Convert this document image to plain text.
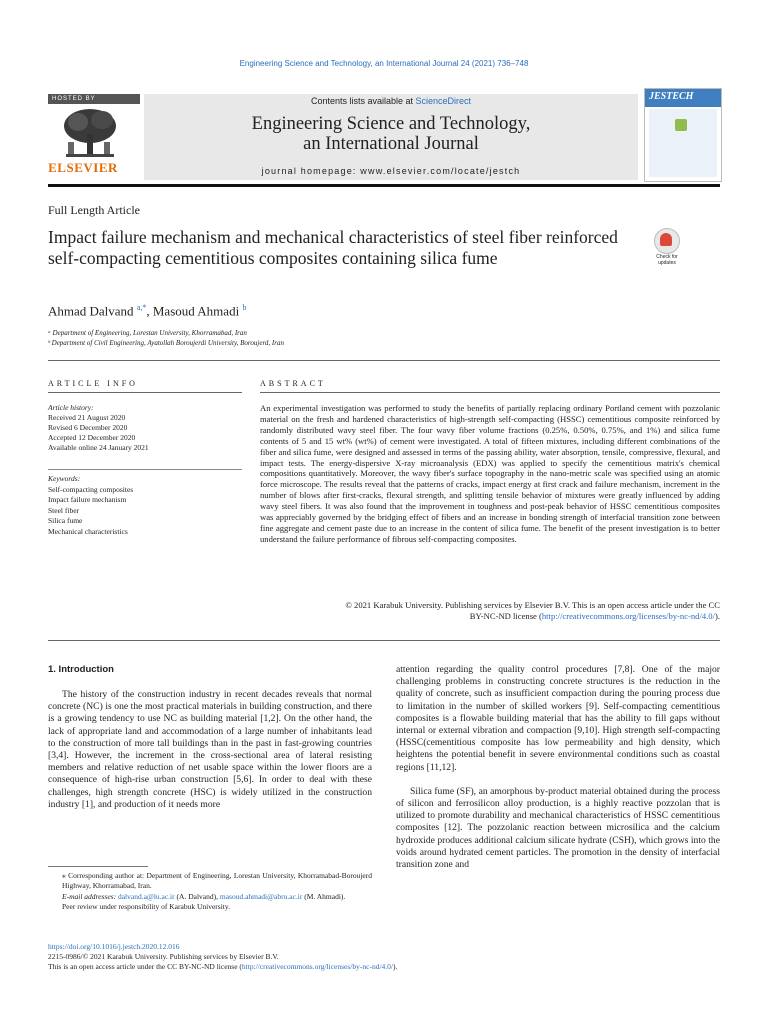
Engineering Science and Technology, an International Journal 24 (2021) 736–748
HOSTED BY
ELSEVIER
Contents lists available at ScienceDirect
Engineering Science and Technology,
an International Journal
journal homepage: www.elsevier.com/locate/jestch
JESTECH
Full Length Article
Impact failure mechanism and mechanical characteristics of steel fiber reinforced self-compacting cementitious composites containing silica fume	Check for updates
Ahmad Dalvand $^{a,*}$, Masoud Ahmadi $^b$
ᵃ Department of Engineering, Lorestan University, Khorramabad, Iran
ᵇ Department of Civil Engineering, Ayatollah Boroujerdi University, Boroujerd, Iran
ARTICLE INFO
Article history:
Received 21 August 2020
Revised 6 December 2020
Accepted 12 December 2020
Available online 24 January 2021
Keywords:
Self-compacting composites
Impact failure mechanism
Steel fiber
Silica fume
Mechanical characteristics
ABSTRACT
An experimental investigation was performed to study the benefits of partially replacing ordinary Portland cement with pozzolanic material on the fresh and hardened characteristics of high-strength self-compacting (HSSC) cementitious composite reinforced by randomly distributed wavy steel fiber. The four wavy fiber volume fractions (0.25%, 0.50%, 0.75%, and 1%) and silica fume contents of 5 and 15 wt% (wt%) of cement were investigated. A total of fifteen mixtures, including different combinations of the fiber and silica fume, were designed and assessed in terms of the passing ability, water absorption, tensile, compressive, flexural, and impact tests. The energy-dispersive X-ray microanalysis (EDX) was applied to specify the cementitious matrix's chemical compositions quantitatively. Moreover, the wavy fiber's surface topography in the nano-metric scale was specified using an atomic force microscope. The results reveal that the patterns of cracks, impact energy at first crack and failure mechanism, increment in the number of blows after first-cracks, flexural strength, and splitting tensile behavior of mixtures were greatly influenced by adding wavy steel fibers. It was also found that the improvement in toughness and post-peak behavior of HSSC cementitious composites was appreciably governed by the bridging effect of fibers and an increase in bonding strength of interfacial transition zone between fine aggregate and cement paste due to an increase in the content of silica fume. The benefit of the present investigation is to better understand the failure performance of fibrous self-compacting composites.
© 2021 Karabuk University. Publishing services by Elsevier B.V. This is an open access article under the CC
BY-NC-ND license (http://creativecommons.org/licenses/by-nc-nd/4.0/).
1. Introduction

The history of the construction industry in recent decades reveals that normal concrete (NC) is one the most practical materials in building construction, and there is a growing tendency to use NC as building material [1,2]. On the other hand, the lack of appropriate land and accommodation of a large number of inhabitants lead to the construction of more tall buildings than in the past in fast-growing countries [3,4]. However, the increment in the cross-sectional area of lateral resisting members and relative reduction of net usable space within the lower floors are a consequence of high-rise urban construction [5,6]. In order to deal with these challenges, high strength concrete (HSC) is widely utilized in the construction industry [1], and production of it needs more

attention regarding the quality control procedures [7,8]. One of the major challenging problems in constructing concrete structures is the reduction in the quality of concrete, such as insufficient compaction during the pouring process due to limitation in the number of skilled workers [9]. Self-compacting cementitious composites is a flowable building material that has the ability to fill gaps without internal or external vibration and compaction [9,10]. High strength self-compacting (HSSC(cementitious composite has low permeability and high density, which heightens the potential benefit in severe environmental conditions such as coastal regions [11,12].

Silica fume (SF), an amorphous by-product material obtained during the process of silicon and ferrosilicon alloy production, is a highly reactive pozzolan that is utilized to promote durability and mechanical characteristics of HSSC cementitious composites [12]. The pozzolanic reaction between microsilica and the calcium hydroxide produces additional calcium silicate hydrate (CSH), which grows into the voids around hydrated cement particles. The promotion in the density of interfacial transition zone and

⁎ Corresponding author at: Department of Engineering, Lorestan University, Khorramabad-Boroujerd Highway, Khorramabad, Iran.
E-mail addresses: dalvand.a@lu.ac.ir (A. Dalvand), masoud.ahmadi@abru.ac.ir (M. Ahmadi).
Peer review under responsibility of Karabuk University.
https://doi.org/10.1016/j.jestch.2020.12.016
2215-0986/© 2021 Karabuk University. Publishing services by Elsevier B.V.
This is an open access article under the CC BY-NC-ND license (http://creativecommons.org/licenses/by-nc-nd/4.0/).
